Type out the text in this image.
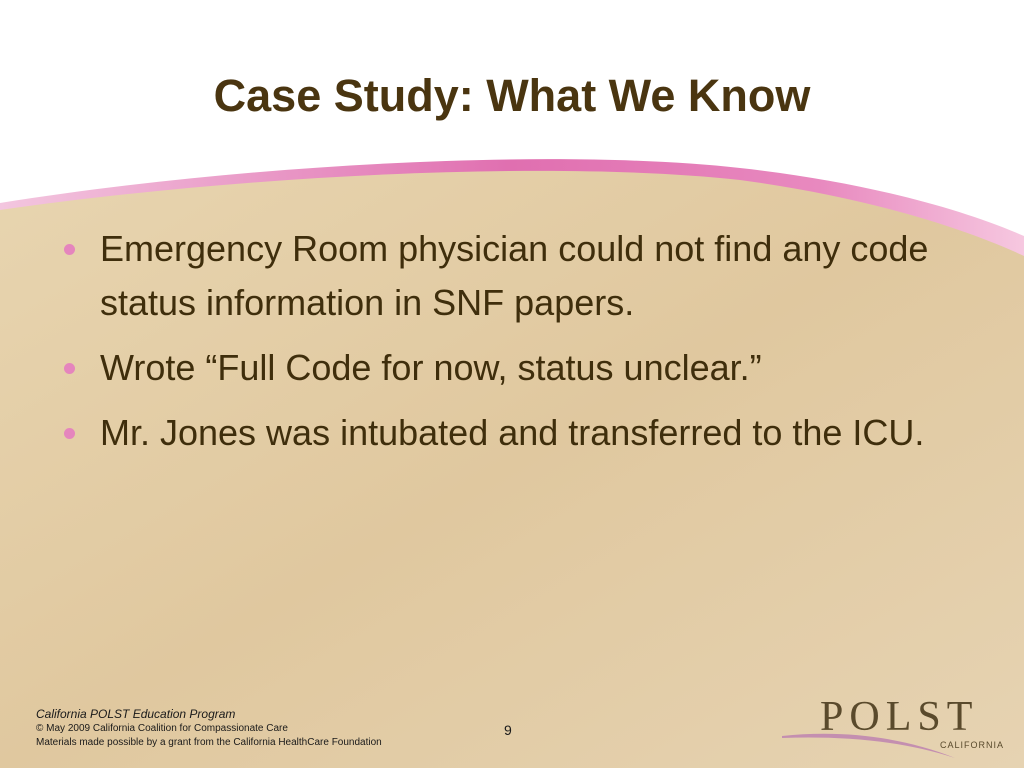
Case Study: What We Know
Emergency Room physician could not find any code status information in SNF papers.
Wrote “Full Code for now, status unclear.”
Mr. Jones was intubated and transferred to the ICU.
California POLST Education Program
© May 2009 California Coalition for Compassionate Care
Materials made possible by a grant from the California HealthCare Foundation
9	POLST
CALIFORNIA
